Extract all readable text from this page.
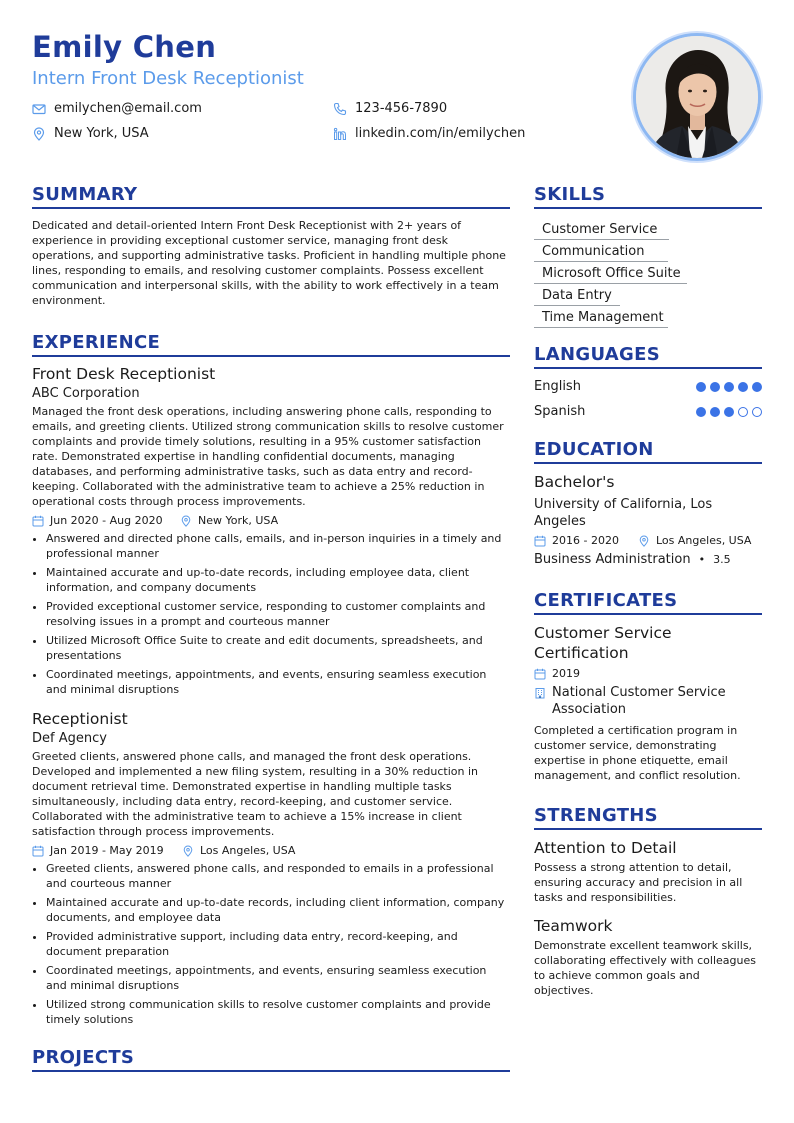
Emily Chen
Intern Front Desk Receptionist
emilychen@email.com	123-456-7890
New York, USA	linkedin.com/in/emilychen
SUMMARY

Dedicated and detail-oriented Intern Front Desk Receptionist with 2+ years of experience in providing exceptional customer service, managing front desk operations, and supporting administrative tasks. Proficient in handling multiple phone lines, responding to emails, and resolving customer complaints. Possess excellent communication and interpersonal skills, with the ability to work effectively in a team environment.

EXPERIENCE

Front Desk Receptionist

ABC Corporation

Managed the front desk operations, including answering phone calls, responding to emails, and greeting clients. Utilized strong communication skills to resolve customer complaints and provide timely solutions, resulting in a 95% customer satisfaction rate. Demonstrated expertise in handling confidential documents, managing databases, and performing administrative tasks, such as data entry and record-keeping. Collaborated with the administrative team to achieve a 25% reduction in operational costs through process improvements.

Jun 2020 - Aug 2020	New York, USA
• Answered and directed phone calls, emails, and in-person inquiries in a timely and professional manner
• Maintained accurate and up-to-date records, including employee data, client information, and company documents
• Provided exceptional customer service, responding to customer complaints and resolving issues in a prompt and courteous manner
• Utilized Microsoft Office Suite to create and edit documents, spreadsheets, and presentations
• Coordinated meetings, appointments, and events, ensuring seamless execution and minimal disruptions

Receptionist

Def Agency

Greeted clients, answered phone calls, and managed the front desk operations. Developed and implemented a new filing system, resulting in a 30% reduction in document retrieval time. Demonstrated expertise in handling multiple tasks simultaneously, including data entry, record-keeping, and customer service. Collaborated with the administrative team to achieve a 15% increase in client satisfaction through process improvements.

Jan 2019 - May 2019	Los Angeles, USA
• Greeted clients, answered phone calls, and responded to emails in a professional and courteous manner
• Maintained accurate and up-to-date records, including client information, company documents, and employee data
• Provided administrative support, including data entry, record-keeping, and document preparation
• Coordinated meetings, appointments, and events, ensuring seamless execution and minimal disruptions
• Utilized strong communication skills to resolve customer complaints and provide timely solutions
PROJECTS
SKILLS
Customer Service
Communication
Microsoft Office Suite
Data Entry
Time Management
LANGUAGES
English
Spanish
EDUCATION

Bachelor's

University of California, Los Angeles

2016 - 2020	Los Angeles, USA
Business Administration • 3.5
CERTIFICATES

Customer Service Certification

2019
National Customer Service Association

Completed a certification program in customer service, demonstrating expertise in phone etiquette, email management, and conflict resolution.

STRENGTHS

Attention to Detail

Possess a strong attention to detail, ensuring accuracy and precision in all tasks and responsibilities.

Teamwork

Demonstrate excellent teamwork skills, collaborating effectively with colleagues to achieve common goals and objectives.
